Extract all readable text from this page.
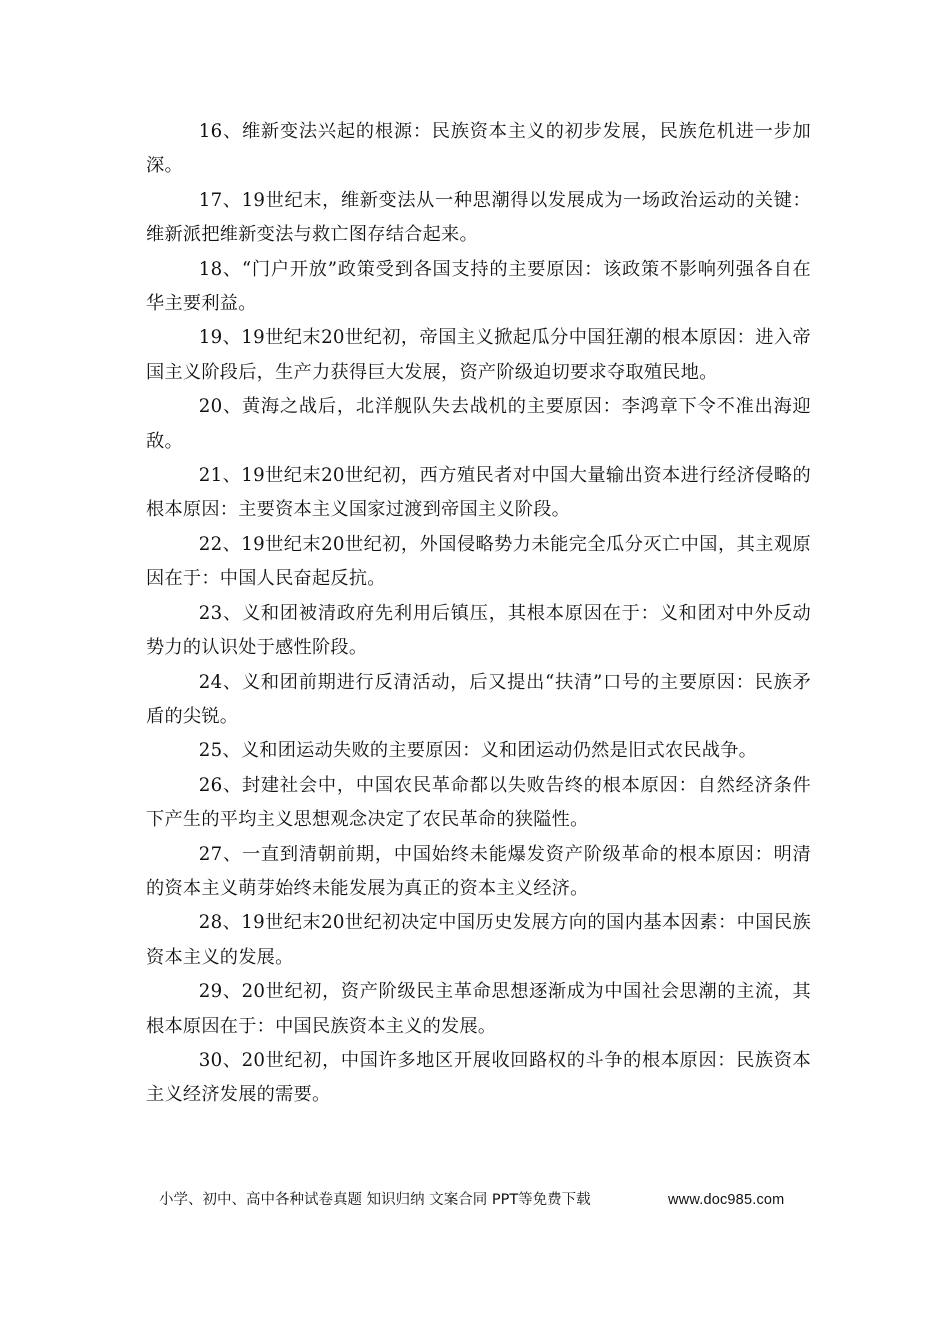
16、维新变法兴起的根源：民族资本主义的初步发展，民族危机进一步加深。

17、19世纪末，维新变法从一种思潮得以发展成为一场政治运动的关键：维新派把维新变法与救亡图存结合起来。

18、“门户开放”政策受到各国支持的主要原因：该政策不影响列强各自在华主要利益。

19、19世纪末20世纪初，帝国主义掀起瓜分中国狂潮的根本原因：进入帝国主义阶段后，生产力获得巨大发展，资产阶级迫切要求夺取殖民地。

20、黄海之战后，北洋舰队失去战机的主要原因：李鸿章下令不准出海迎敌。

21、19世纪末20世纪初，西方殖民者对中国大量输出资本进行经济侵略的根本原因：主要资本主义国家过渡到帝国主义阶段。

22、19世纪末20世纪初，外国侵略势力未能完全瓜分灭亡中国，其主观原因在于：中国人民奋起反抗。

23、义和团被清政府先利用后镇压，其根本原因在于：义和团对中外反动势力的认识处于感性阶段。

24、义和团前期进行反清活动，后又提出“扶清”口号的主要原因：民族矛盾的尖锐。

25、义和团运动失败的主要原因：义和团运动仍然是旧式农民战争。

26、封建社会中，中国农民革命都以失败告终的根本原因：自然经济条件下产生的平均主义思想观念决定了农民革命的狭隘性。

27、一直到清朝前期，中国始终未能爆发资产阶级革命的根本原因：明清的资本主义萌芽始终未能发展为真正的资本主义经济。

28、19世纪末20世纪初决定中国历史发展方向的国内基本因素：中国民族资本主义的发展。

29、20世纪初，资产阶级民主革命思想逐渐成为中国社会思潮的主流，其根本原因在于：中国民族资本主义的发展。

30、20世纪初，中国许多地区开展收回路权的斗争的根本原因：民族资本主义经济发展的需要。

小学、初中、高中各种试卷真题 知识归纳 文案合同 PPT等免费下载	www.doc985.com
